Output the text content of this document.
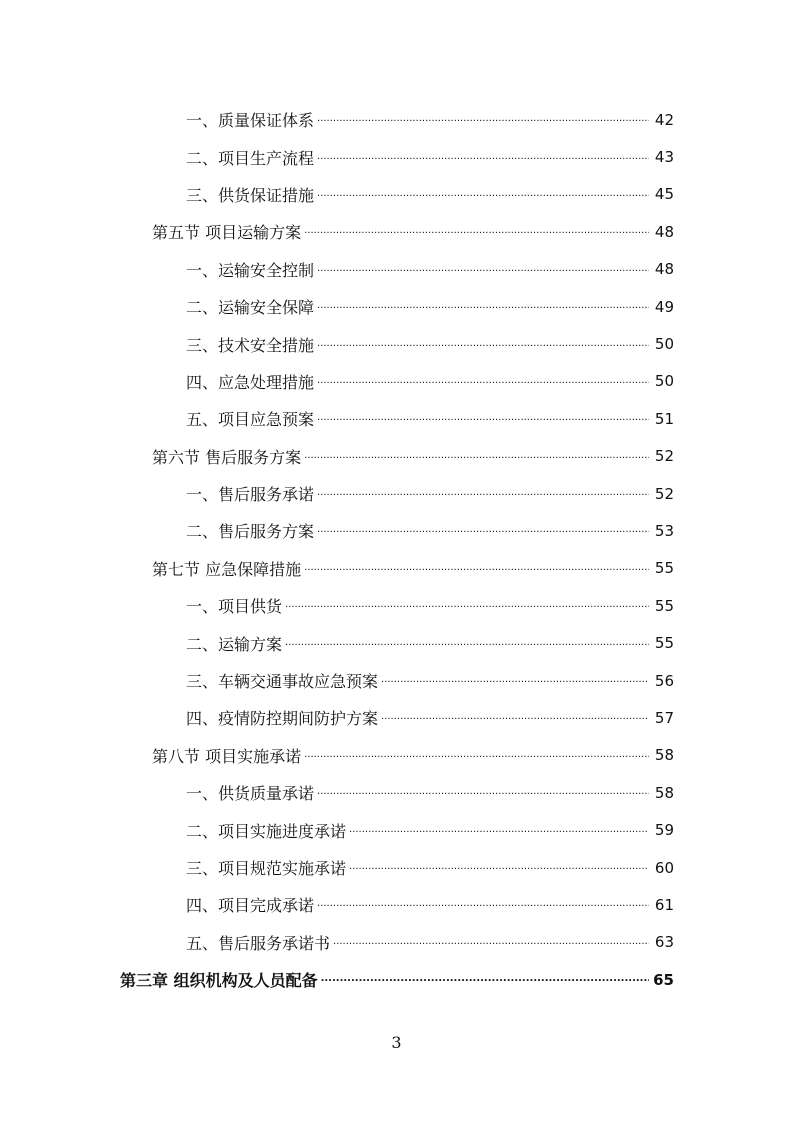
一、质量保证体系 .....	42
二、项目生产流程 .....	43
三、供货保证措施 .....	45
第五节 项目运输方案 .....	48
一、运输安全控制 .....	48
二、运输安全保障 .....	49
三、技术安全措施 .....	50
四、应急处理措施 .....	50
五、项目应急预案 .....	51
第六节 售后服务方案 .....	52
一、售后服务承诺 .....	52
二、售后服务方案 .....	53
第七节 应急保障措施 .....	55
一、项目供货 .....	55
二、运输方案 .....	55
三、车辆交通事故应急预案 .....	56
四、疫情防控期间防护方案 .....	57
第八节 项目实施承诺 .....	58
一、供货质量承诺 .....	58
二、项目实施进度承诺 .....	59
三、项目规范实施承诺 .....	60
四、项目完成承诺 .....	61
五、售后服务承诺书 .....	63
第三章 组织机构及人员配备 .....	65
3
